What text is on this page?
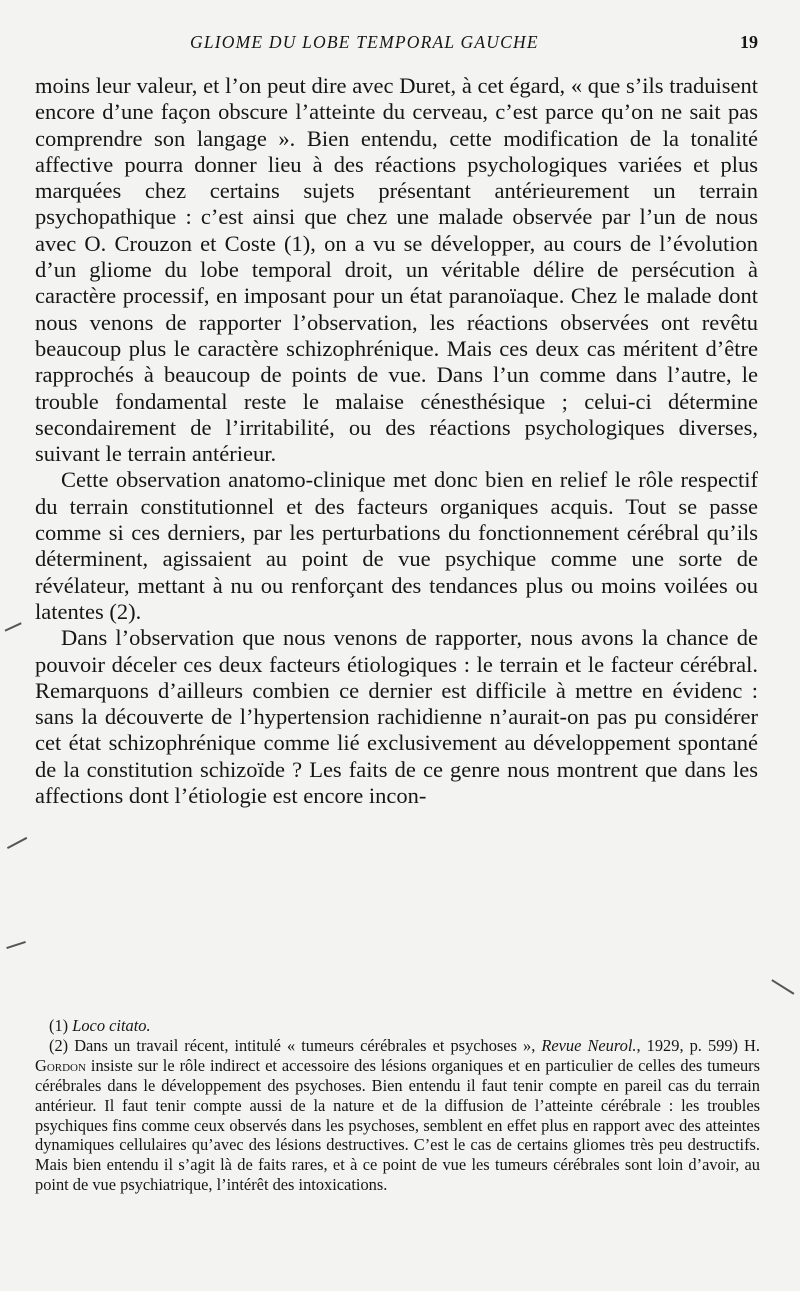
GLIOME DU LOBE TEMPORAL GAUCHE	19

moins leur valeur, et l’on peut dire avec Duret, à cet égard, « que s’ils traduisent encore d’une façon obscure l’atteinte du cerveau, c’est parce qu’on ne sait pas comprendre son langage ». Bien entendu, cette modification de la tonalité affective pourra donner lieu à des réactions psychologiques variées et plus marquées chez certains sujets présentant antérieurement un terrain psychopathique : c’est ainsi que chez une malade observée par l’un de nous avec O. Crouzon et Coste (1), on a vu se développer, au cours de l’évolution d’un gliome du lobe temporal droit, un véritable délire de persécution à caractère processif, en imposant pour un état paranoïaque. Chez le malade dont nous venons de rapporter l’observation, les réactions observées ont revêtu beaucoup plus le caractère schizophrénique. Mais ces deux cas méritent d’être rapprochés à beaucoup de points de vue. Dans l’un comme dans l’autre, le trouble fondamental reste le malaise cénesthésique ; celui-ci détermine secondairement de l’irritabilité, ou des réactions psychologiques diverses, suivant le terrain antérieur.

Cette observation anatomo-clinique met donc bien en relief le rôle respectif du terrain constitutionnel et des facteurs organiques acquis. Tout se passe comme si ces derniers, par les perturbations du fonctionnement cérébral qu’ils déterminent, agissaient au point de vue psychique comme une sorte de révélateur, mettant à nu ou renforçant des tendances plus ou moins voilées ou latentes (2).

Dans l’observation que nous venons de rapporter, nous avons la chance de pouvoir déceler ces deux facteurs étiologiques : le terrain et le facteur cérébral. Remarquons d’ailleurs combien ce dernier est difficile à mettre en évidenc : sans la découverte de l’hypertension rachidienne n’aurait-on pas pu considérer cet état schizophrénique comme lié exclusivement au développement spontané de la constitution schizoïde ? Les faits de ce genre nous montrent que dans les affections dont l’étiologie est encore incon-

(1) Loco citato.

(2) Dans un travail récent, intitulé « tumeurs cérébrales et psychoses », Revue Neurol., 1929, p. 599) H. Gordon insiste sur le rôle indirect et accessoire des lésions organiques et en particulier de celles des tumeurs cérébrales dans le développement des psychoses. Bien entendu il faut tenir compte en pareil cas du terrain antérieur. Il faut tenir compte aussi de la nature et de la diffusion de l’atteinte cérébrale : les troubles psychiques fins comme ceux observés dans les psychoses, semblent en effet plus en rapport avec des atteintes dynamiques cellulaires qu’avec des lésions destructives. C’est le cas de certains gliomes très peu destructifs. Mais bien entendu il s’agit là de faits rares, et à ce point de vue les tumeurs cérébrales sont loin d’avoir, au point de vue psychiatrique, l’intérêt des intoxications.
